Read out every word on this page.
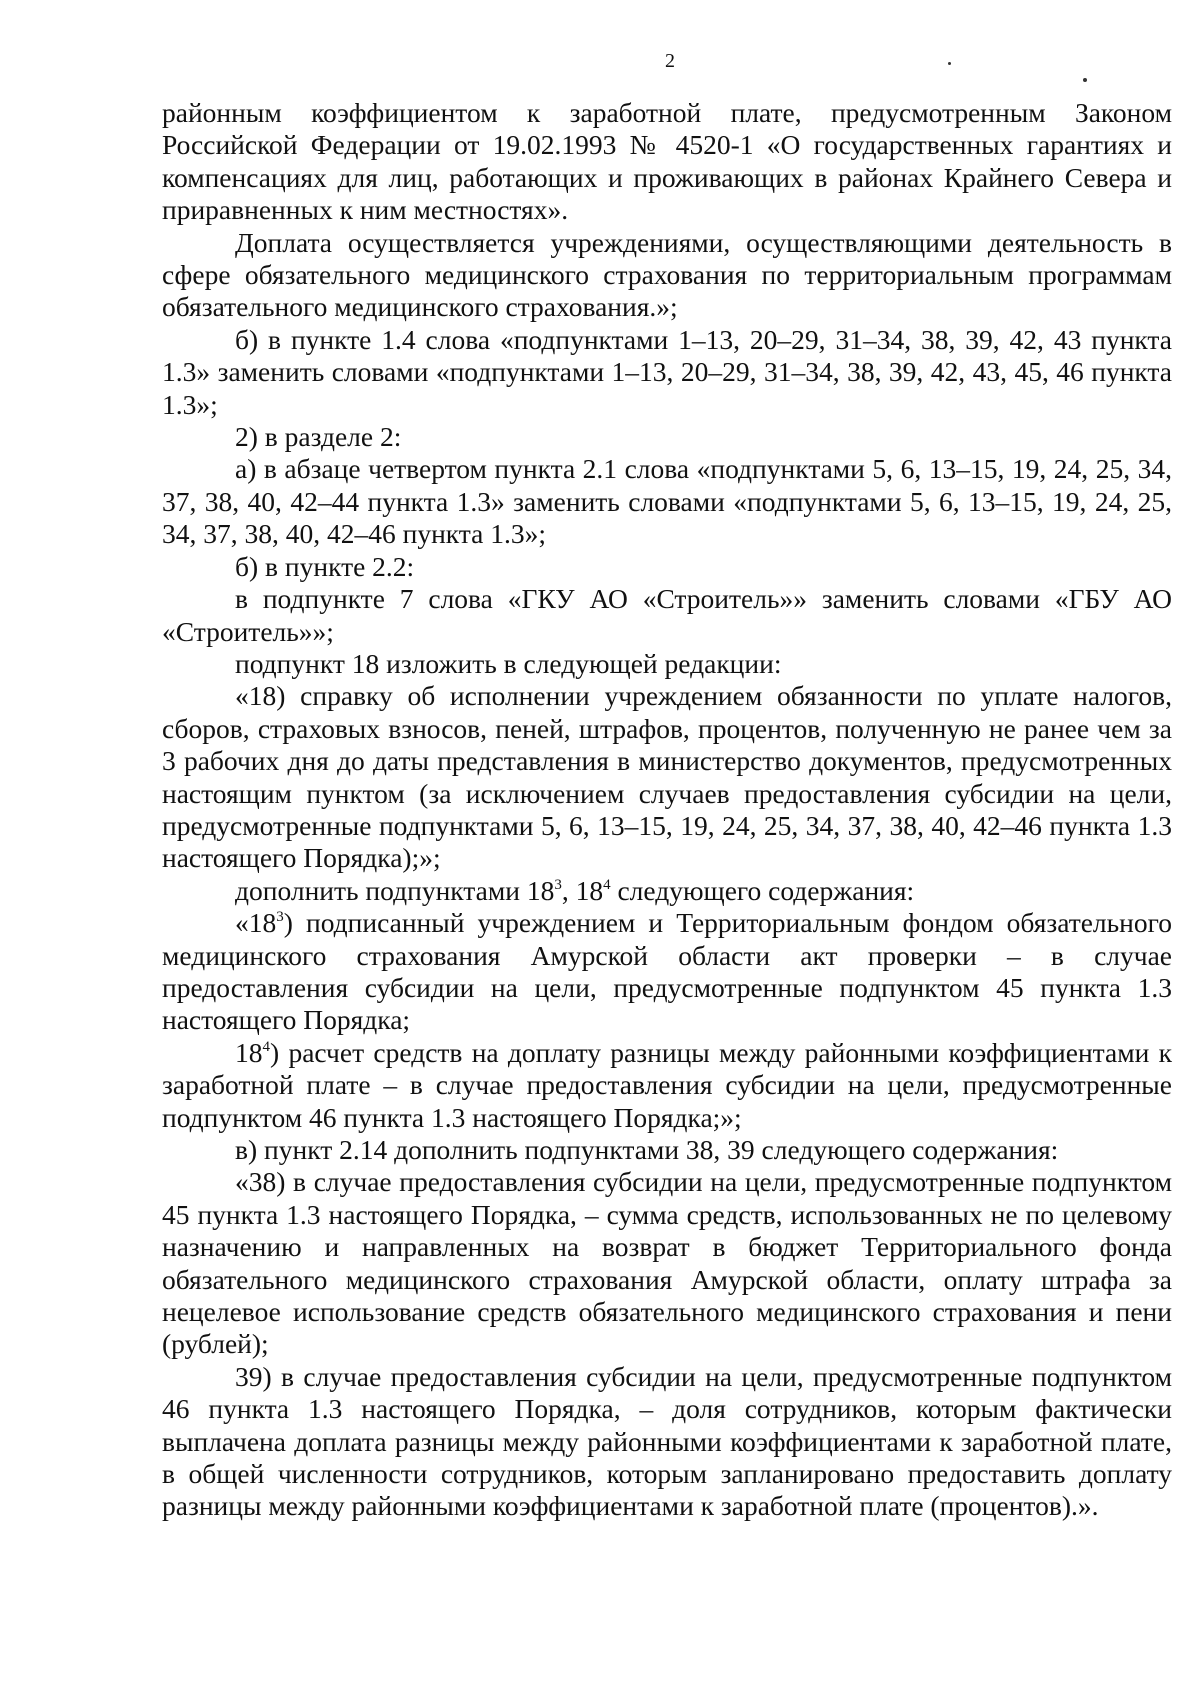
2

районным коэффициентом к заработной плате, предусмотренным Законом Российской Федерации от 19.02.1993 № 4520-1 «О государственных гарантиях и компенсациях для лиц, работающих и проживающих в районах Крайнего Севера и приравненных к ним местностях».

Доплата осуществляется учреждениями, осуществляющими деятельность в сфере обязательного медицинского страхования по территориальным программам обязательного медицинского страхования.»;

б) в пункте 1.4 слова «подпунктами 1–13, 20–29, 31–34, 38, 39, 42, 43 пункта 1.3» заменить словами «подпунктами 1–13, 20–29, 31–34, 38, 39, 42, 43, 45, 46 пункта 1.3»;

2) в разделе 2:

а) в абзаце четвертом пункта 2.1 слова «подпунктами 5, 6, 13–15, 19, 24, 25, 34, 37, 38, 40, 42–44 пункта 1.3» заменить словами «подпунктами 5, 6, 13–15, 19, 24, 25, 34, 37, 38, 40, 42–46 пункта 1.3»;

б) в пункте 2.2:

в подпункте 7 слова «ГКУ АО «Строитель»» заменить словами «ГБУ АО «Строитель»»;

подпункт 18 изложить в следующей редакции:

«18) справку об исполнении учреждением обязанности по уплате налогов, сборов, страховых взносов, пеней, штрафов, процентов, полученную не ранее чем за 3 рабочих дня до даты представления в министерство документов, предусмотренных настоящим пунктом (за исключением случаев предоставления субсидии на цели, предусмотренные подпунктами 5, 6, 13–15, 19, 24, 25, 34, 37, 38, 40, 42–46 пункта 1.3 настоящего Порядка);»;

дополнить подпунктами $18^3$, $18^4$ следующего содержания:

«$18^3$) подписанный учреждением и Территориальным фондом обязательного медицинского страхования Амурской области акт проверки – в случае предоставления субсидии на цели, предусмотренные подпунктом 45 пункта 1.3 настоящего Порядка;

$18^4$) расчет средств на доплату разницы между районными коэффициентами к заработной плате – в случае предоставления субсидии на цели, предусмотренные подпунктом 46 пункта 1.3 настоящего Порядка;»;

в) пункт 2.14 дополнить подпунктами 38, 39 следующего содержания:

«38) в случае предоставления субсидии на цели, предусмотренные подпунктом 45 пункта 1.3 настоящего Порядка, – сумма средств, использованных не по целевому назначению и направленных на возврат в бюджет Территориального фонда обязательного медицинского страхования Амурской области, оплату штрафа за нецелевое использование средств обязательного медицинского страхования и пени (рублей);

39) в случае предоставления субсидии на цели, предусмотренные подпунктом 46 пункта 1.3 настоящего Порядка, – доля сотрудников, которым фактически выплачена доплата разницы между районными коэффициентами к заработной плате, в общей численности сотрудников, которым запланировано предоставить доплату разницы между районными коэффициентами к заработной плате (процентов).».
